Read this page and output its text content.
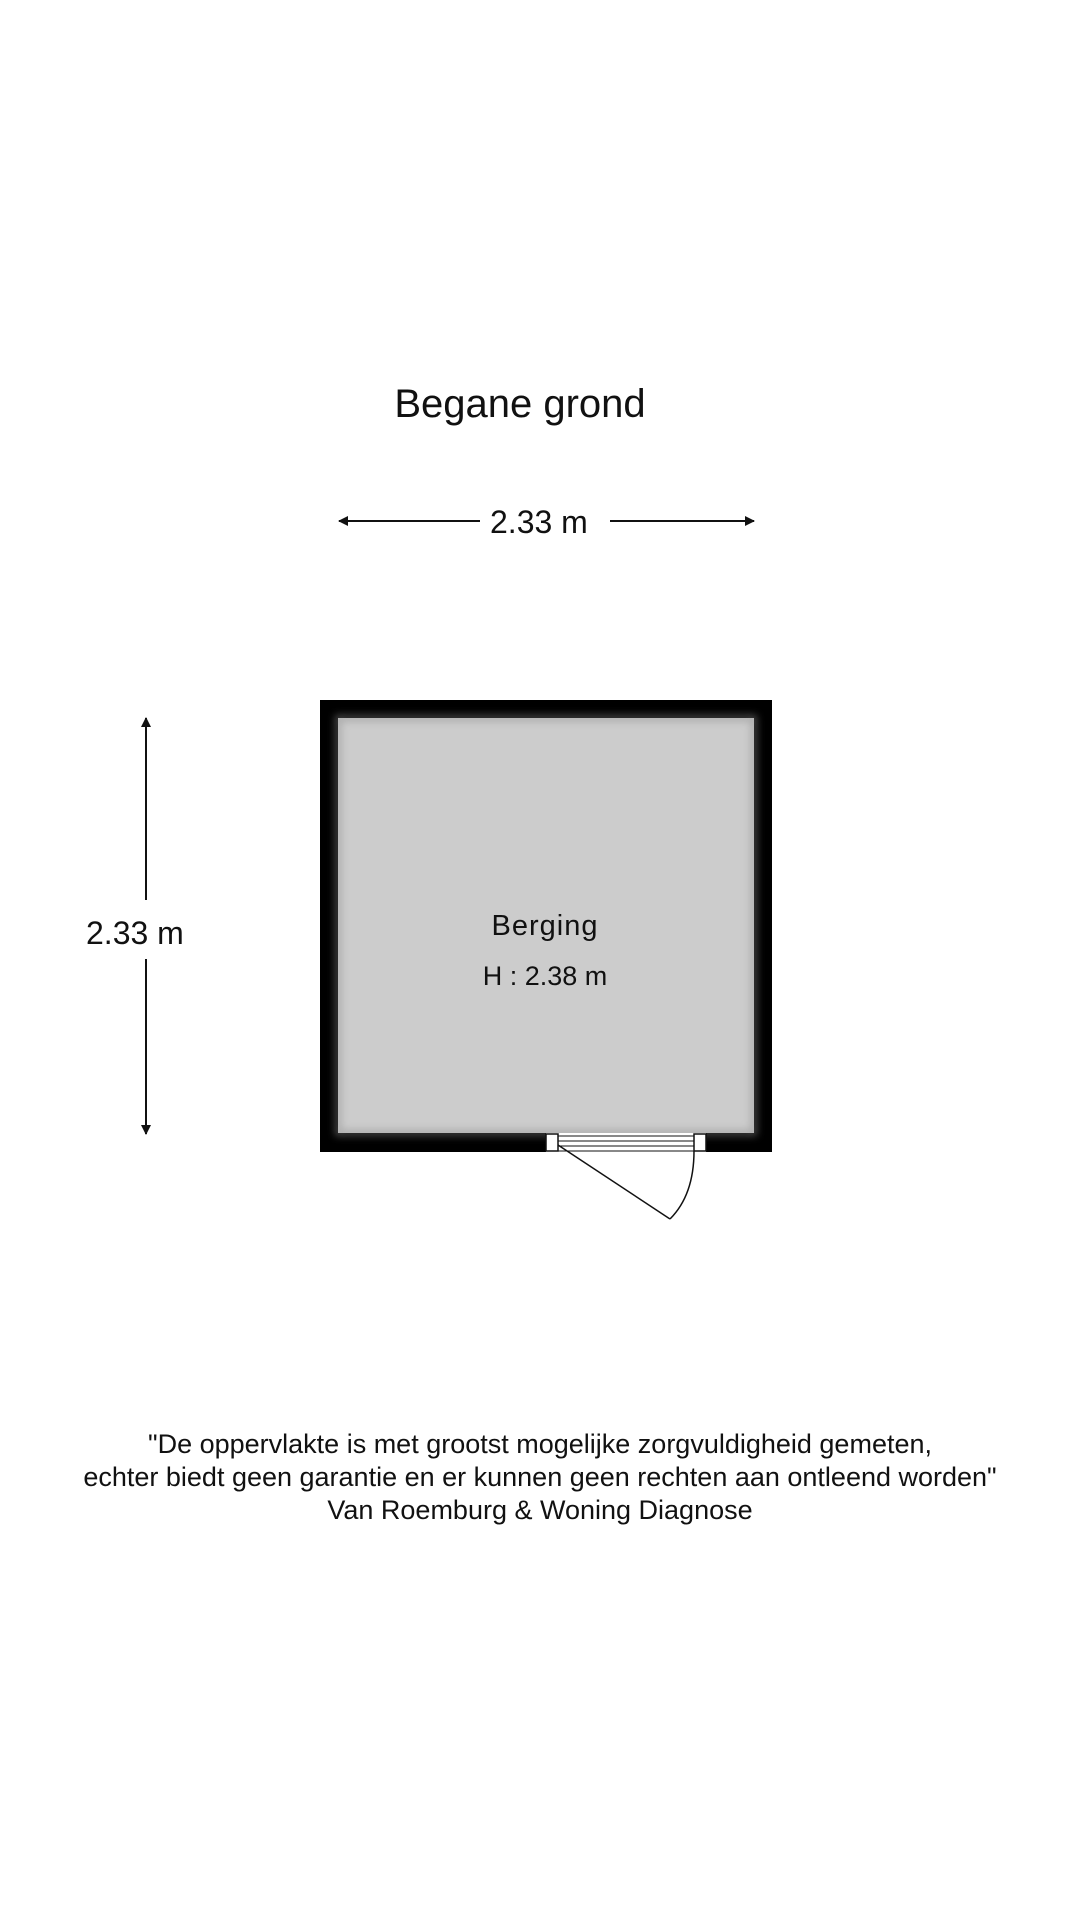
Begane grond
2.33 m
2.33 m	Berging
H : 2.38 m
"De oppervlakte is met grootst mogelijke zorgvuldigheid gemeten,
echter biedt geen garantie en er kunnen geen rechten aan ontleend worden"
Van Roemburg & Woning Diagnose
